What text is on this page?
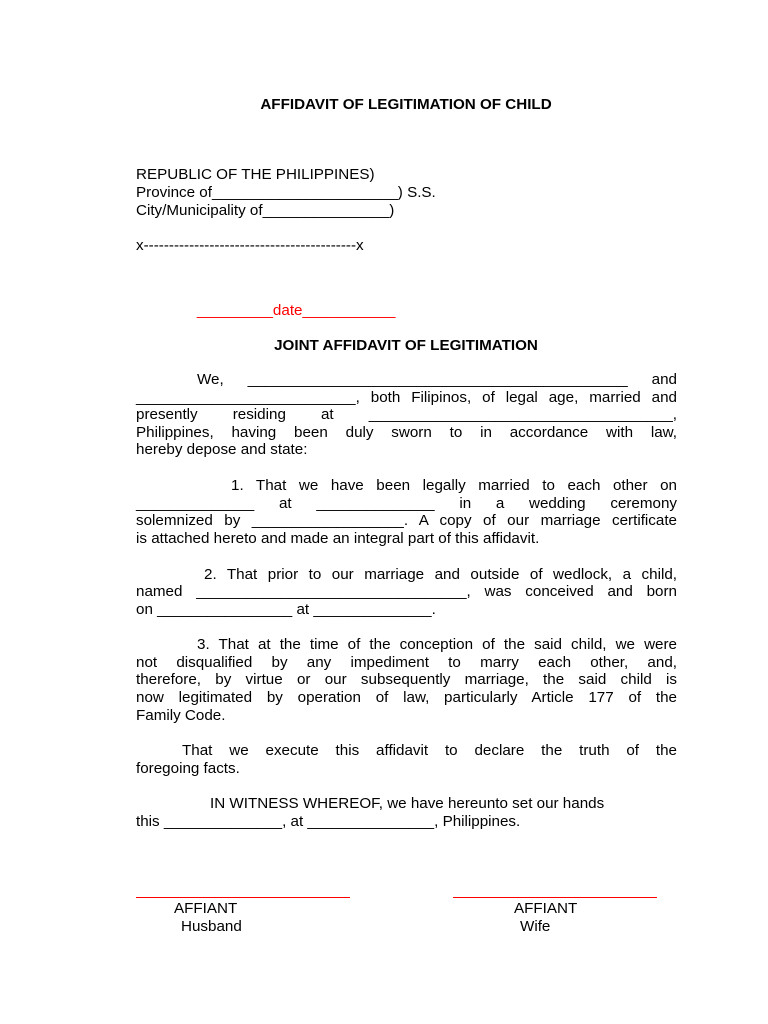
AFFIDAVIT OF LEGITIMATION OF CHILD
REPUBLIC OF THE PHILIPPINES)
Province of______________________) S.S.
City/Municipality of_______________)
x------------------------------------------x

_________date___________

JOINT AFFIDAVIT OF LEGITIMATION
We, _____________________________________________ and
__________________________, both Filipinos, of legal age, married and
presently residing at ____________________________________,
Philippines, having been duly sworn to in accordance with law,
hereby depose and state:
1. That we have been legally married to each other on
______________ at ______________ in a wedding ceremony
solemnized by __________________. A copy of our marriage certificate
is attached hereto and made an integral part of this affidavit.
2. That prior to our marriage and outside of wedlock, a child,
named ________________________________, was conceived and born
on ________________ at ______________.
3. That at the time of the conception of the said child, we were
not disqualified by any impediment to marry each other, and,
therefore, by virtue or our subsequently marriage, the said child is
now legitimated by operation of law, particularly Article 177 of the
Family Code.
That we execute this affidavit to declare the truth of the
foregoing facts.
IN WITNESS WHEREOF, we have hereunto set our hands
this ______________, at _______________, Philippines.
AFFIANT
Husband
AFFIANT
Wife
